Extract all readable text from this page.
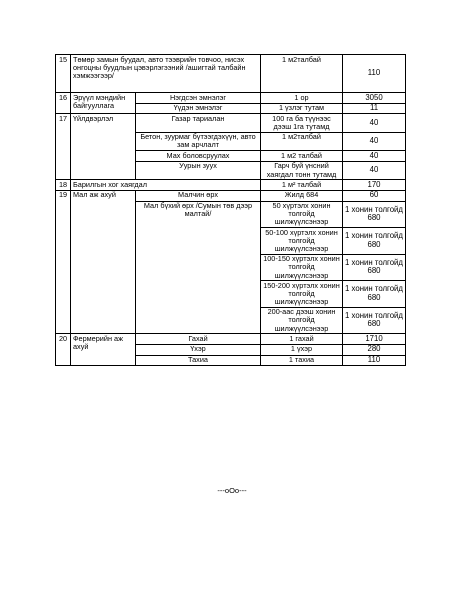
15	Төмөр замын буудал, авто тээврийн товчоо, нисэх онгоцны буудлын цэвэрлэгээний /ашигтай талбайн хэмжээгээр/		1 м2талбай	110
16	Эрүүл мэндийн байгууллага	Нэгдсэн эмнэлэг	1 ор	3050
		Үүдэн эмнэлэг	1 үзлэг тутам	11
17	Үйлдвэрлэл	Газар тариалан	100 га ба түүнээс дээш 1га тутамд	40
		Бетон, зуурмаг бүтээгдэхүүн, авто зам арчлалт	1 м2талбай	40
		Мах боловсруулах	1 м2 талбай	40
		Уурын зуух	Гарч буй үнсний хаягдал тонн тутамд	40
18	Барилгын хог хаягдал		1 м² талбай	170
19	Мал аж ахуй	Малчин өрх	Жилд 684	60
		Мал бүхий өрх /Сумын төв дээр малтай/	50 хүртэлх хонин толгойд шилжүүлсэнээр	1 хонин толгойд 680
			50-100 хүртэлх хонин толгойд шилжүүлсэнээр	1 хонин толгойд 680
			100-150 хүртэлх хонин толгойд шилжүүлсэнээр	1 хонин толгойд 680
			150-200 хүртэлх хонин толгойд шилжүүлсэнээр	1 хонин толгойд 680
			200-аас дээш хонин толгойд шилжүүлсэнээр	1 хонин толгойд 680
20	Фермерийн аж ахуй	Гахай	1 гахай	1710
		Үхэр	1 үхэр	280
		Тахиа	1 тахиа	110
---oOo---
